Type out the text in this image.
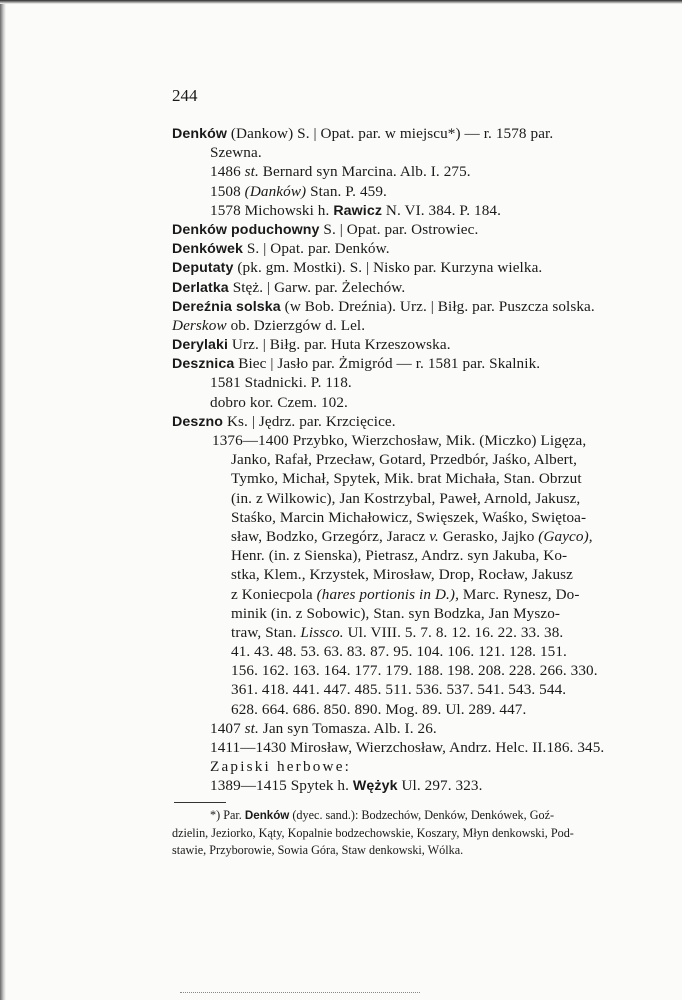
244
Denków (Dankow) S. | Opat. par. w miejscu*) — r. 1578 par.
Szewna.
1486 st. Bernard syn Marcina. Alb. I. 275.
1508 (Danków) Stan. P. 459.
1578 Michowski h. Rawicz N. VI. 384. P. 184.
Denków poduchowny S. | Opat. par. Ostrowiec.
Denkówek S. | Opat. par. Denków.
Deputaty (pk. gm. Mostki). S. | Nisko par. Kurzyna wielka.
Derlatka Stęż. | Garw. par. Żelechów.
Dereźnia solska (w Bob. Dreźnia). Urz. | Biłg. par. Puszcza solska.
Derskow ob. Dzierzgów d. Lel.
Derylaki Urz. | Biłg. par. Huta Krzeszowska.
Desznica Biec | Jasło par. Żmigród — r. 1581 par. Skalnik.
1581 Stadnicki. P. 118.
dobro kor. Czem. 102.
Deszno Ks. | Jędrz. par. Krzcięcice.
1376—1400 Przybko, Wierzchosław, Mik. (Miczko) Ligęza,
Janko, Rafał, Przecław, Gotard, Przedbór, Jaśko, Albert,
Tymko, Michał, Spytek, Mik. brat Michała, Stan. Obrzut
(in. z Wilkowic), Jan Kostrzybal, Paweł, Arnold, Jakusz,
Staśko, Marcin Michałowicz, Swięszek, Waśko, Swiętoa-
sław, Bodzko, Grzegórz, Jaracz v. Gerasko, Jajko (Gayco),
Henr. (in. z Sienska), Pietrasz, Andrz. syn Jakuba, Ko-
stka, Klem., Krzystek, Mirosław, Drop, Rocław, Jakusz
z Koniecpola (hares portionis in D.), Marc. Rynesz, Do-
minik (in. z Sobowic), Stan. syn Bodzka, Jan Myszo-
traw, Stan. Lissco. Ul. VIII. 5. 7. 8. 12. 16. 22. 33. 38.
41. 43. 48. 53. 63. 83. 87. 95. 104. 106. 121. 128. 151.
156. 162. 163. 164. 177. 179. 188. 198. 208. 228. 266. 330.
361. 418. 441. 447. 485. 511. 536. 537. 541. 543. 544.
628. 664. 686. 850. 890. Mog. 89. Ul. 289. 447.
1407 st. Jan syn Tomasza. Alb. I. 26.
1411—1430 Mirosław, Wierzchosław, Andrz. Helc. II.186. 345.
Zapiski herbowe:
1389—1415 Spytek h. Wężyk Ul. 297. 323.
*) Par. Denków (dyec. sand.): Bodzechów, Denków, Denkówek, Goź-
dzielin, Jeziorko, Kąty, Kopalnie bodzechowskie, Koszary, Młyn denkowski, Pod-
stawie, Przyborowie, Sowia Góra, Staw denkowski, Wólka.
